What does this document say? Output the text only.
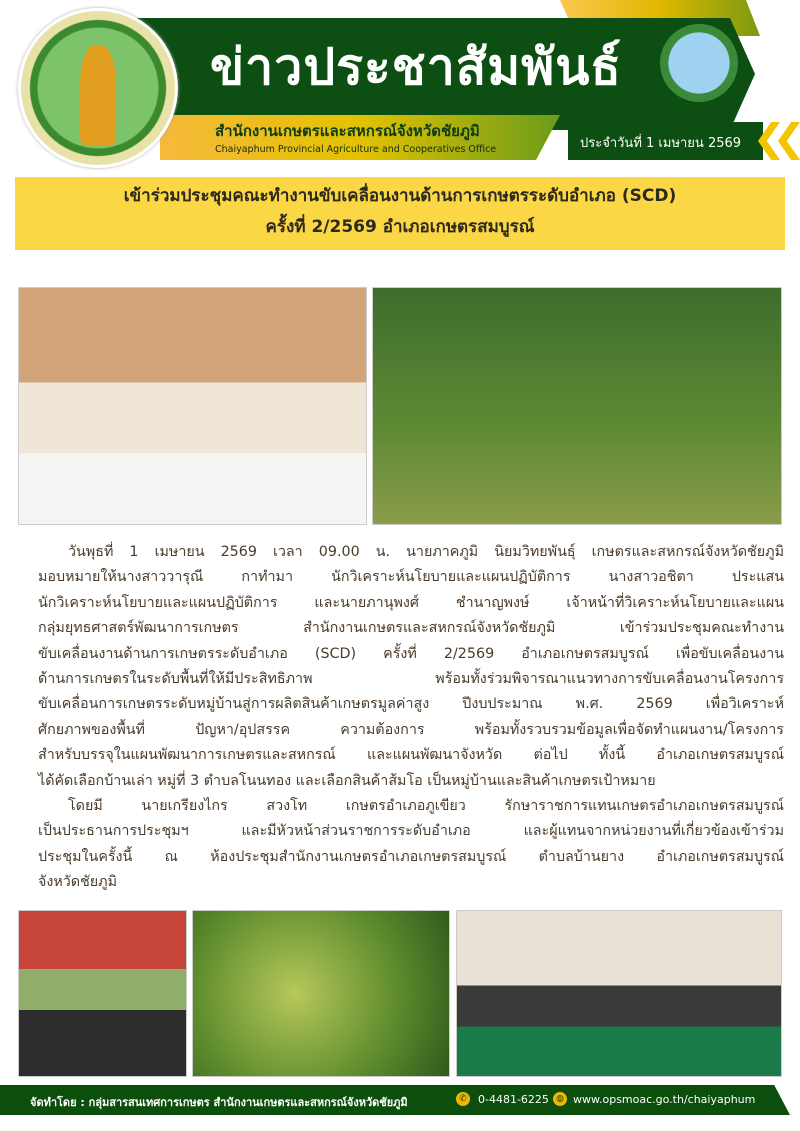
ข่าวประชาสัมพันธ์
สำนักงานเกษตรและสหกรณ์จังหวัดชัยภูมิ
Chaiyaphum Provincial Agriculture and Cooperatives Office	ประจำวันที่ 1 เมษายน 2569
เข้าร่วมประชุมคณะทำงานขับเคลื่อนงานด้านการเกษตรระดับอำเภอ (SCD)
ครั้งที่ 2/2569 อำเภอเกษตรสมบูรณ์
วันพุธที่ 1 เมษายน 2569 เวลา 09.00 น. นายภาคภูมิ นิยมวิทยพันธุ์ เกษตรและสหกรณ์จังหวัดชัยภูมิ
มอบหมายให้นางสาววารุณี กาทำมา นักวิเคราะห์นโยบายและแผนปฏิบัติการ นางสาวอชิตา ประแสน
นักวิเคราะห์นโยบายและแผนปฏิบัติการ และนายภานุพงศ์ ชำนาญพงษ์ เจ้าหน้าที่วิเคราะห์นโยบายและแผน
กลุ่มยุทธศาสตร์พัฒนาการเกษตร สำนักงานเกษตรและสหกรณ์จังหวัดชัยภูมิ เข้าร่วมประชุมคณะทำงาน
ขับเคลื่อนงานด้านการเกษตรระดับอำเภอ (SCD) ครั้งที่ 2/2569 อำเภอเกษตรสมบูรณ์ เพื่อขับเคลื่อนงาน
ด้านการเกษตรในระดับพื้นที่ให้มีประสิทธิภาพ พร้อมทั้งร่วมพิจารณาแนวทางการขับเคลื่อนงานโครงการ
ขับเคลื่อนการเกษตรระดับหมู่บ้านสู่การผลิตสินค้าเกษตรมูลค่าสูง ปีงบประมาณ พ.ศ. 2569 เพื่อวิเคราะห์
ศักยภาพของพื้นที่ ปัญหา/อุปสรรค ความต้องการ พร้อมทั้งรวบรวมข้อมูลเพื่อจัดทำแผนงาน/โครงการ
สำหรับบรรจุในแผนพัฒนาการเกษตรและสหกรณ์ และแผนพัฒนาจังหวัด ต่อไป ทั้งนี้ อำเภอเกษตรสมบูรณ์
ได้คัดเลือกบ้านเล่า หมู่ที่ 3 ตำบลโนนทอง และเลือกสินค้าส้มโอ เป็นหมู่บ้านและสินค้าเกษตรเป้าหมาย
โดยมี นายเกรียงไกร สวงโท เกษตรอำเภอภูเขียว รักษาราชการแทนเกษตรอำเภอเกษตรสมบูรณ์
เป็นประธานการประชุมฯ และมีหัวหน้าส่วนราชการระดับอำเภอ และผู้แทนจากหน่วยงานที่เกี่ยวข้องเข้าร่วม
ประชุมในครั้งนี้ ณ ห้องประชุมสำนักงานเกษตรอำเภอเกษตรสมบูรณ์ ตำบลบ้านยาง อำเภอเกษตรสมบูรณ์
จังหวัดชัยภูมิ
จัดทำโดย : กลุ่มสารสนเทศการเกษตร สำนักงานเกษตรและสหกรณ์จังหวัดชัยภูมิ	✆ 0-4481-6225 ◍ www.opsmoac.go.th/chaiyaphum
